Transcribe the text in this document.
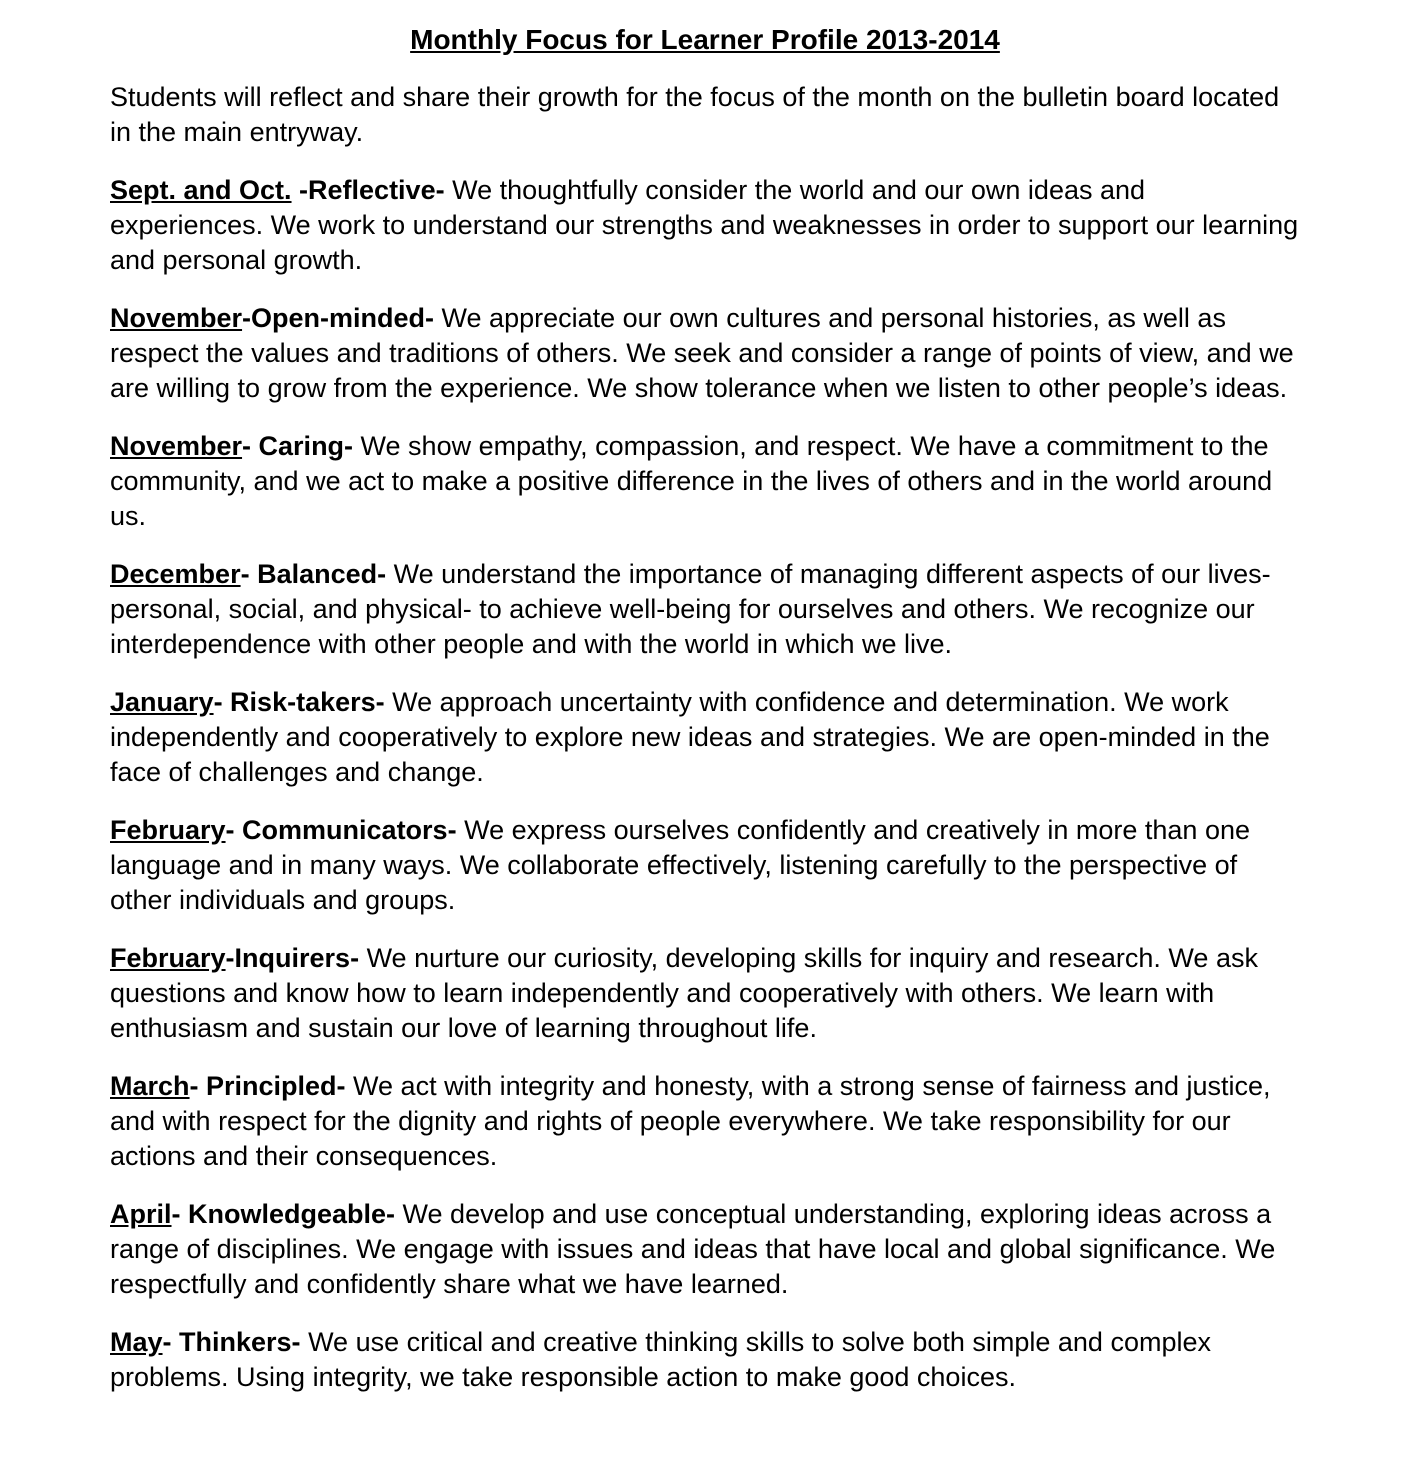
Monthly Focus for Learner Profile 2013-2014

Students will reflect and share their growth for the focus of the month on the bulletin board located in the main entryway.

Sept. and Oct. -Reflective- We thoughtfully consider the world and our own ideas and experiences. We work to understand our strengths and weaknesses in order to support our learning and personal growth.

November-Open-minded- We appreciate our own cultures and personal histories, as well as respect the values and traditions of others. We seek and consider a range of points of view, and we are willing to grow from the experience. We show tolerance when we listen to other people’s ideas.

November- Caring- We show empathy, compassion, and respect. We have a commitment to the community, and we act to make a positive difference in the lives of others and in the world around us.

December- Balanced- We understand the importance of managing different aspects of our lives- personal, social, and physical- to achieve well-being for ourselves and others. We recognize our interdependence with other people and with the world in which we live.

January- Risk-takers- We approach uncertainty with confidence and determination. We work independently and cooperatively to explore new ideas and strategies. We are open-minded in the face of challenges and change.

February- Communicators- We express ourselves confidently and creatively in more than one language and in many ways. We collaborate effectively, listening carefully to the perspective of other individuals and groups.

February-Inquirers- We nurture our curiosity, developing skills for inquiry and research. We ask questions and know how to learn independently and cooperatively with others. We learn with enthusiasm and sustain our love of learning throughout life.

March- Principled- We act with integrity and honesty, with a strong sense of fairness and justice, and with respect for the dignity and rights of people everywhere. We take responsibility for our actions and their consequences.

April- Knowledgeable- We develop and use conceptual understanding, exploring ideas across a range of disciplines. We engage with issues and ideas that have local and global significance. We respectfully and confidently share what we have learned.

May- Thinkers- We use critical and creative thinking skills to solve both simple and complex problems. Using integrity, we take responsible action to make good choices.
